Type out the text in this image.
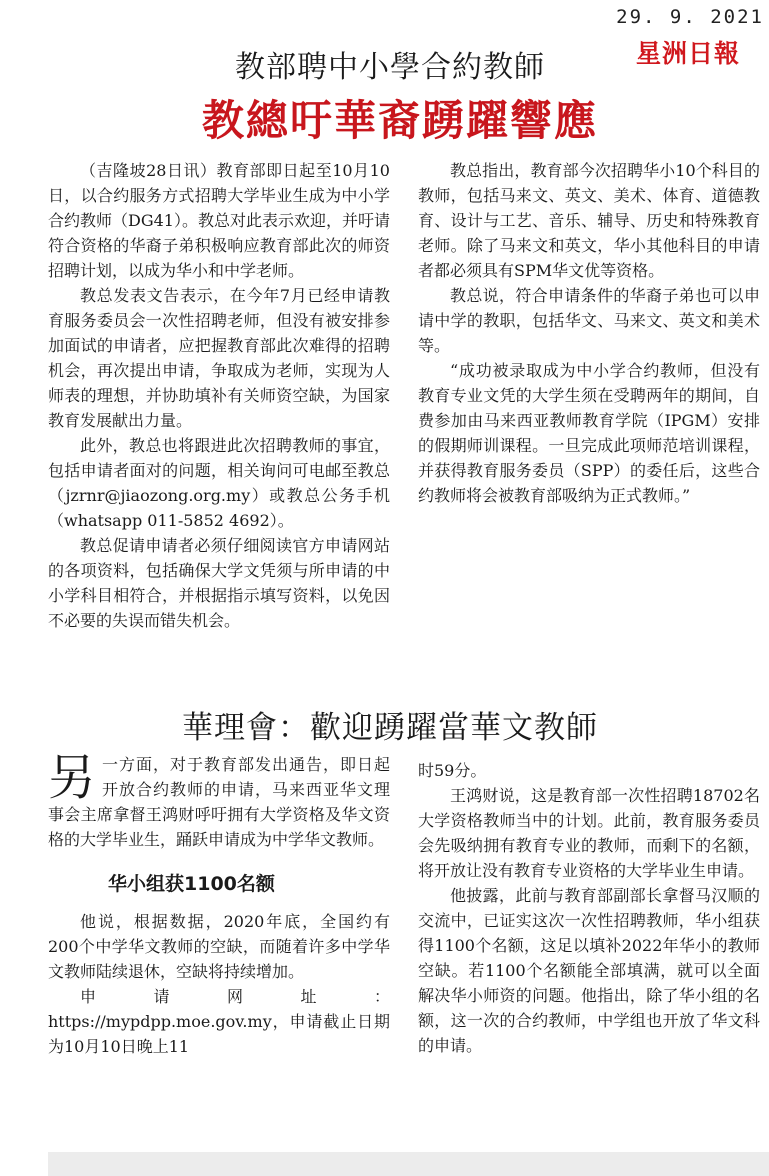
29. 9. 2021
星洲日報
教部聘中小學合約教師
教總吁華裔踴躍響應

（吉隆坡28日讯）教育部即日起至10月10日，以合约服务方式招聘大学毕业生成为中小学合约教师（DG41）。教总对此表示欢迎，并吁请符合资格的华裔子弟积极响应教育部此次的师资招聘计划，以成为华小和中学老师。

教总发表文告表示，在今年7月已经申请教育服务委员会一次性招聘老师，但没有被安排参加面试的申请者，应把握教育部此次难得的招聘机会，再次提出申请，争取成为老师，实现为人师表的理想，并协助填补有关师资空缺，为国家教育发展献出力量。

此外，教总也将跟进此次招聘教师的事宜，包括申请者面对的问题，相关询问可电邮至教总（jzrnr@jiaozong.org.my）或教总公务手机（whatsapp 011-5852 4692）。

教总促请申请者必须仔细阅读官方申请网站的各项资料，包括确保大学文凭须与所申请的中小学科目相符合，并根据指示填写资料，以免因不必要的失误而错失机会。

教总指出，教育部今次招聘华小10个科目的教师，包括马来文、英文、美术、体育、道德教育、设计与工艺、音乐、辅导、历史和特殊教育老师。除了马来文和英文，华小其他科目的申请者都必须具有SPM华文优等资格。

教总说，符合申请条件的华裔子弟也可以申请中学的教职，包括华文、马来文、英文和美术等。

“成功被录取成为中小学合约教师，但没有教育专业文凭的大学生须在受聘两年的期间，自费参加由马来西亚教师教育学院（IPGM）安排的假期师训课程。一旦完成此项师范培训课程，并获得教育服务委员（SPP）的委任后，这些合约教师将会被教育部吸纳为正式教师。”

華理會：歡迎踴躍當華文教師

另一方面，对于教育部发出通告，即日起开放合约教师的申请，马来西亚华文理事会主席拿督王鸿财呼吁拥有大学资格及华文资格的大学毕业生，踊跃申请成为中学华文教师。

华小组获1100名额

他说，根据数据，2020年底，全国约有200个中学华文教师的空缺，而随着许多中学华文教师陆续退休，空缺将持续增加。

申请网址：https://mypdpp.moe.gov.my，申请截止日期为10月10日晚上11

时59分。

王鸿财说，这是教育部一次性招聘18702名大学资格教师当中的计划。此前，教育服务委员会先吸纳拥有教育专业的教师，而剩下的名额，将开放让没有教育专业资格的大学毕业生申请。

他披露，此前与教育部副部长拿督马汉顺的交流中，已证实这次一次性招聘教师，华小组获得1100个名额，这足以填补2022年华小的教师空缺。若1100个名额能全部填满，就可以全面解决华小师资的问题。他指出，除了华小组的名额，这一次的合约教师，中学组也开放了华文科的申请。
